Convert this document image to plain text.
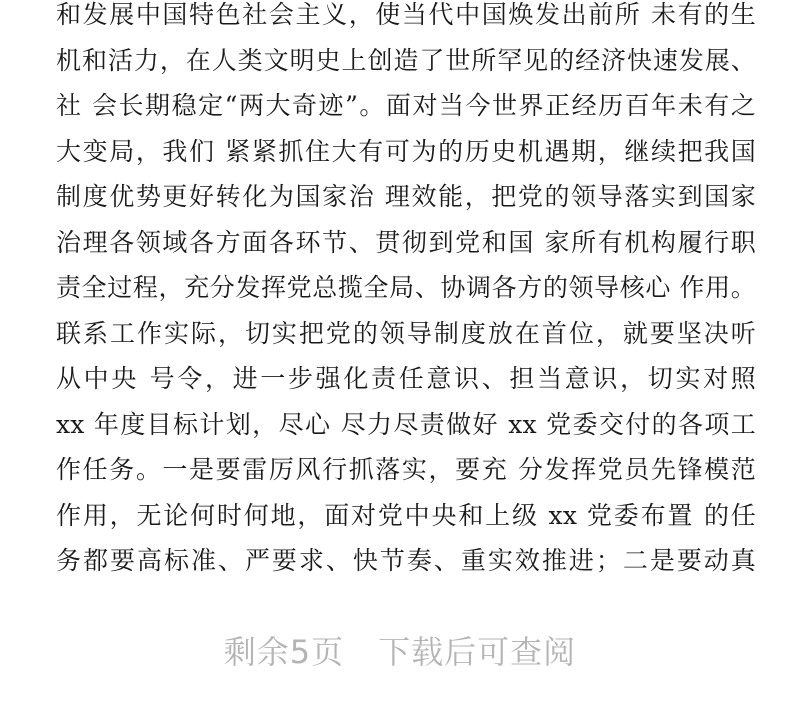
和发展中国特色社会主义，使当代中国焕发出前所 未有的生
机和活力，在人类文明史上创造了世所罕见的经济快速发展、
社 会长期稳定“两大奇迹”。面对当今世界正经历百年未有之
大变局，我们 紧紧抓住大有可为的历史机遇期，继续把我国
制度优势更好转化为国家治 理效能，把党的领导落实到国家
治理各领域各方面各环节、贯彻到党和国 家所有机构履行职
责全过程，充分发挥党总揽全局、协调各方的领导核心 作用。
联系工作实际，切实把党的领导制度放在首位，就要坚决听
从中央 号令，进一步强化责任意识、担当意识，切实对照
xx 年度目标计划，尽心 尽力尽责做好 xx 党委交付的各项工
作任务。一是要雷厉风行抓落实，要充 分发挥党员先锋模范
作用，无论何时何地，面对党中央和上级 xx 党委布置 的任
务都要高标准、严要求、快节奏、重实效推进；二是要动真
剩余5页 下载后可查阅
